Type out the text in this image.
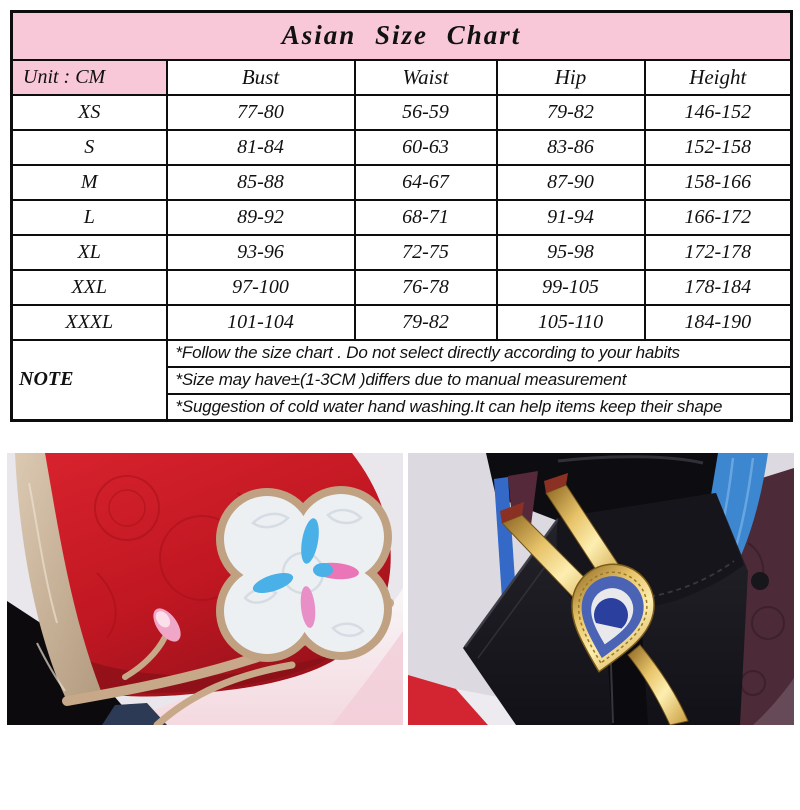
Asian Size Chart				
Unit : CM	Bust	Waist	Hip	Height
XS	77-80	56-59	79-82	146-152
S	81-84	60-63	83-86	152-158
M	85-88	64-67	87-90	158-166
L	89-92	68-71	91-94	166-172
XL	93-96	72-75	95-98	172-178
XXL	97-100	76-78	99-105	178-184
XXXL	101-104	79-82	105-110	184-190
NOTE	*Follow the size chart . Do not select directly according to your habits			
	*Size may have±(1-3CM )differs due to manual measurement			
	*Suggestion of cold water hand washing.It can help items keep their shape			
